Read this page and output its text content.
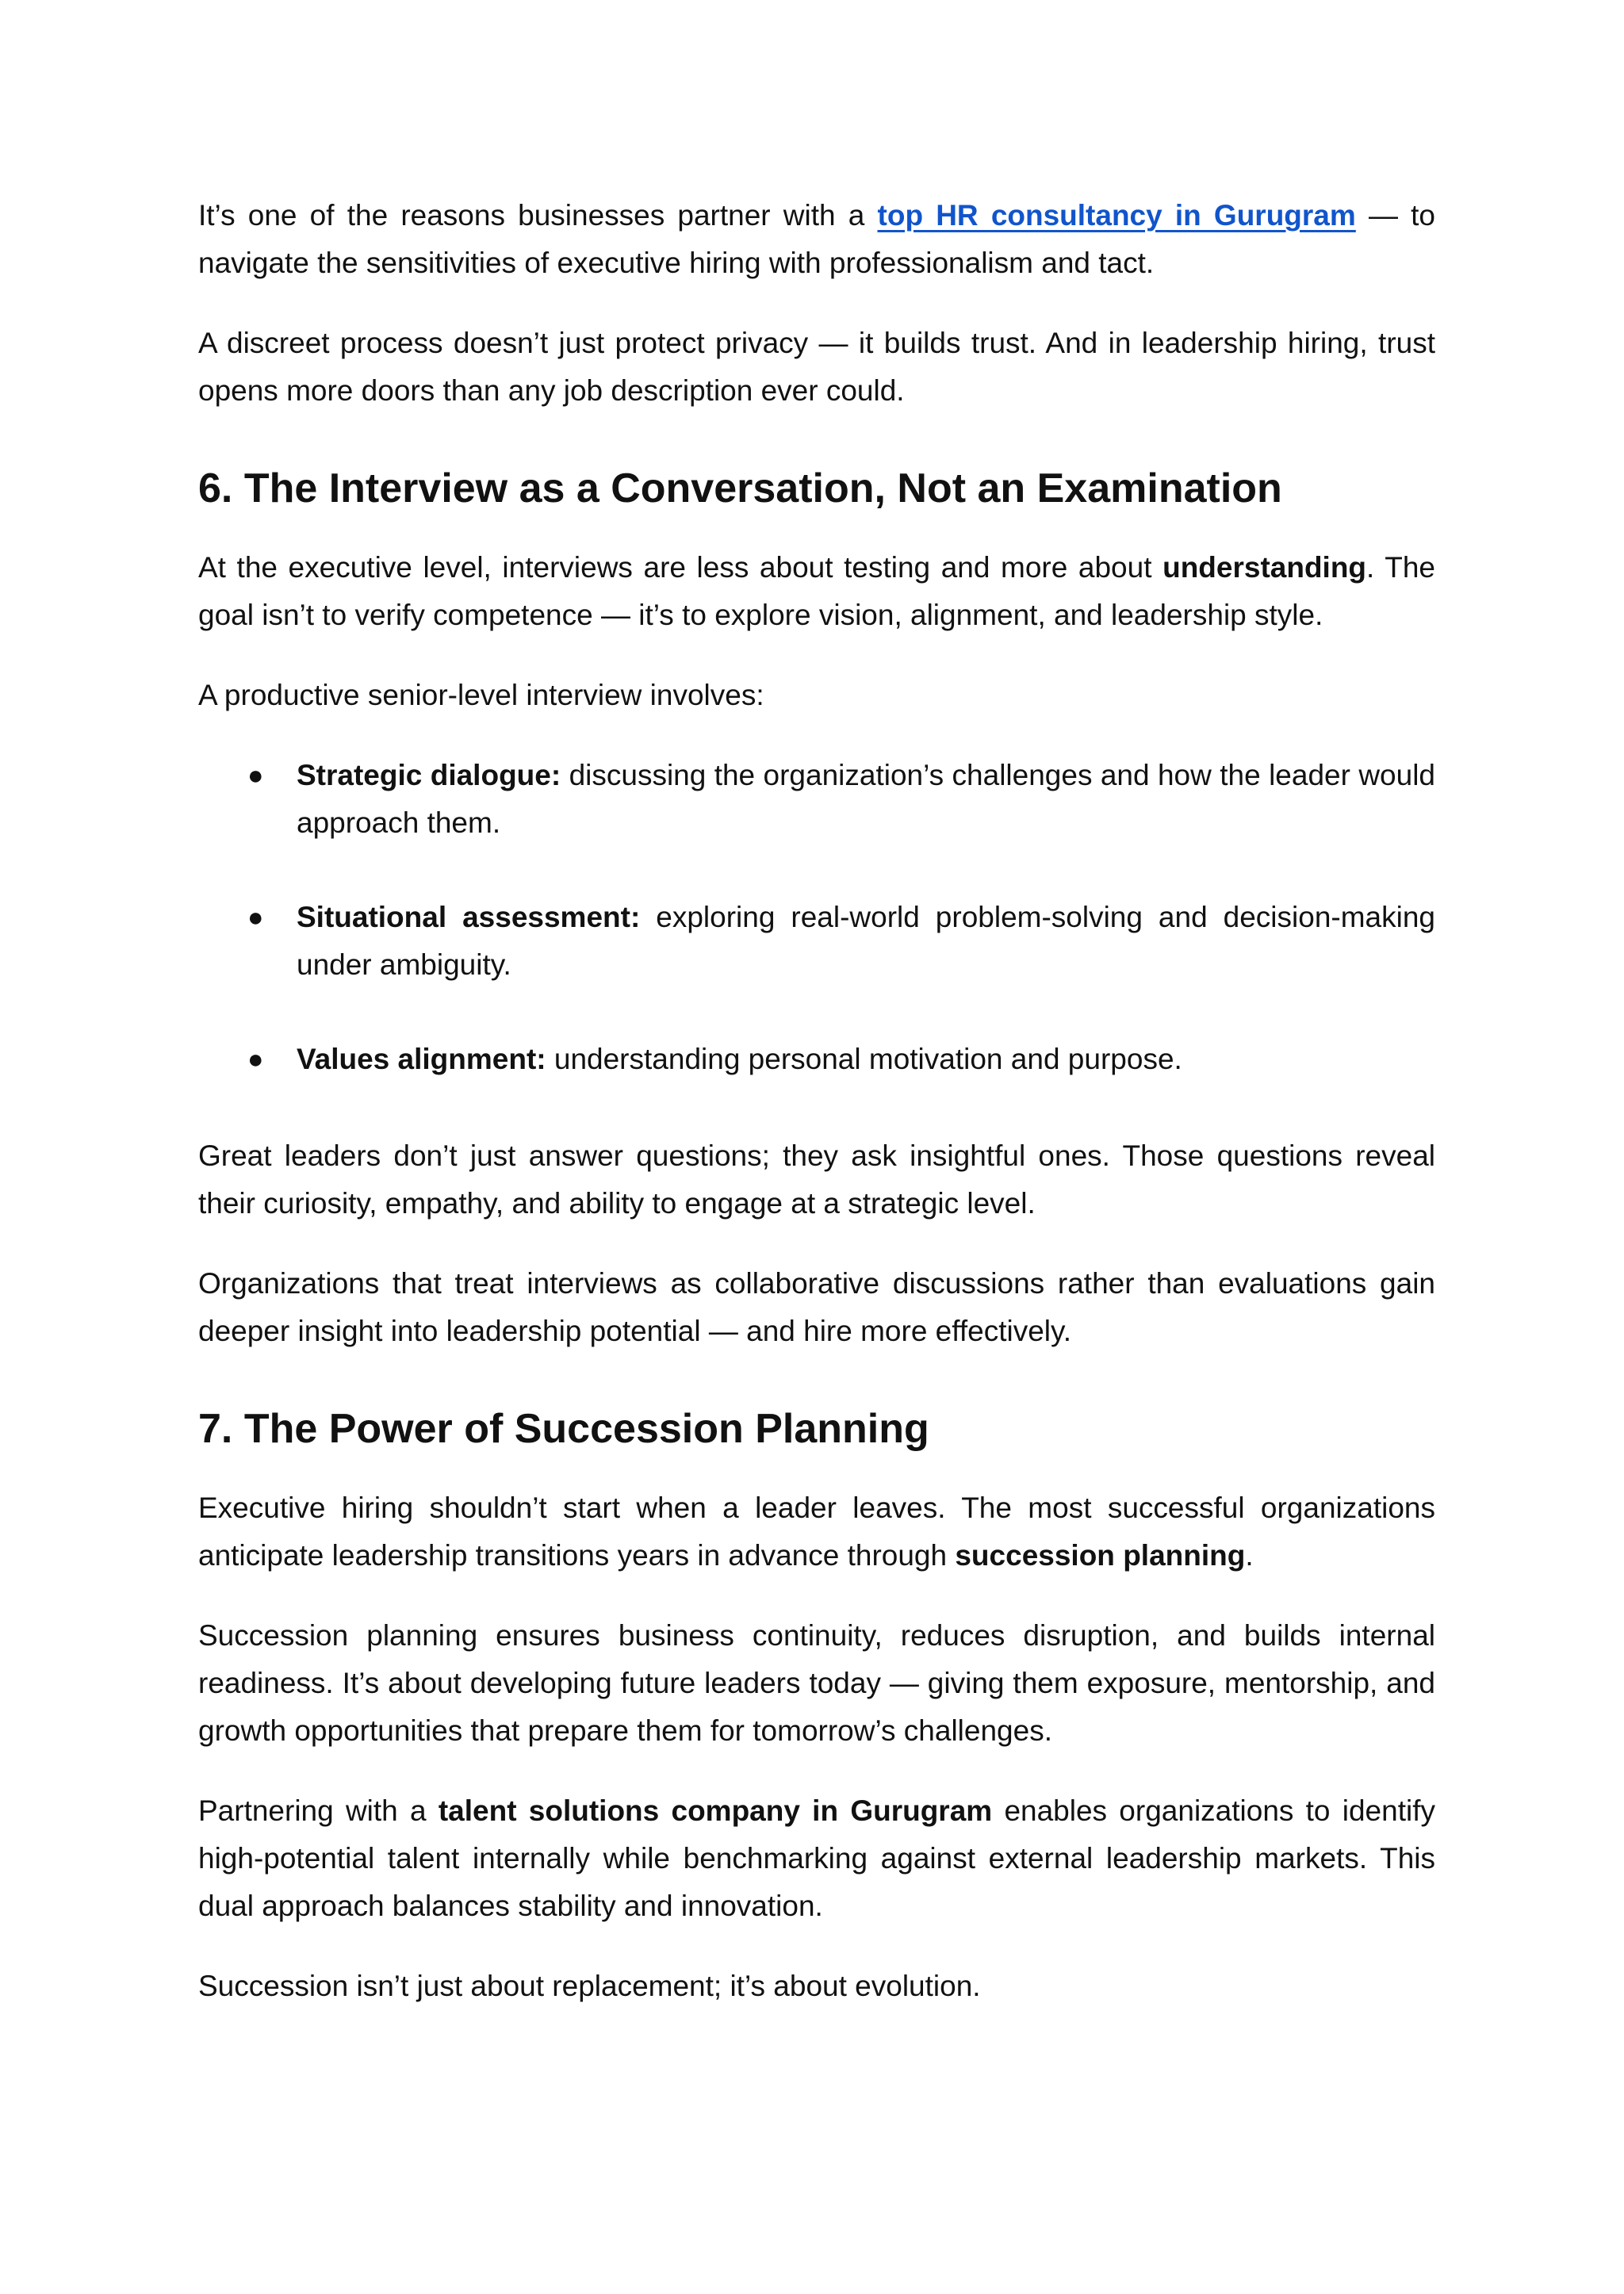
It’s one of the reasons businesses partner with a top HR consultancy in Gurugram — to navigate the sensitivities of executive hiring with professionalism and tact.

A discreet process doesn’t just protect privacy — it builds trust. And in leadership hiring, trust opens more doors than any job description ever could.

6. The Interview as a Conversation, Not an Examination

At the executive level, interviews are less about testing and more about understanding. The goal isn’t to verify competence — it’s to explore vision, alignment, and leadership style.

A productive senior-level interview involves:

● Strategic dialogue: discussing the organization’s challenges and how the leader would approach them.
● Situational assessment: exploring real-world problem-solving and decision-making under ambiguity.
● Values alignment: understanding personal motivation and purpose.

Great leaders don’t just answer questions; they ask insightful ones. Those questions reveal their curiosity, empathy, and ability to engage at a strategic level.

Organizations that treat interviews as collaborative discussions rather than evaluations gain deeper insight into leadership potential — and hire more effectively.

7. The Power of Succession Planning

Executive hiring shouldn’t start when a leader leaves. The most successful organizations anticipate leadership transitions years in advance through succession planning.

Succession planning ensures business continuity, reduces disruption, and builds internal readiness. It’s about developing future leaders today — giving them exposure, mentorship, and growth opportunities that prepare them for tomorrow’s challenges.

Partnering with a talent solutions company in Gurugram enables organizations to identify high-potential talent internally while benchmarking against external leadership markets. This dual approach balances stability and innovation.

Succession isn’t just about replacement; it’s about evolution.
